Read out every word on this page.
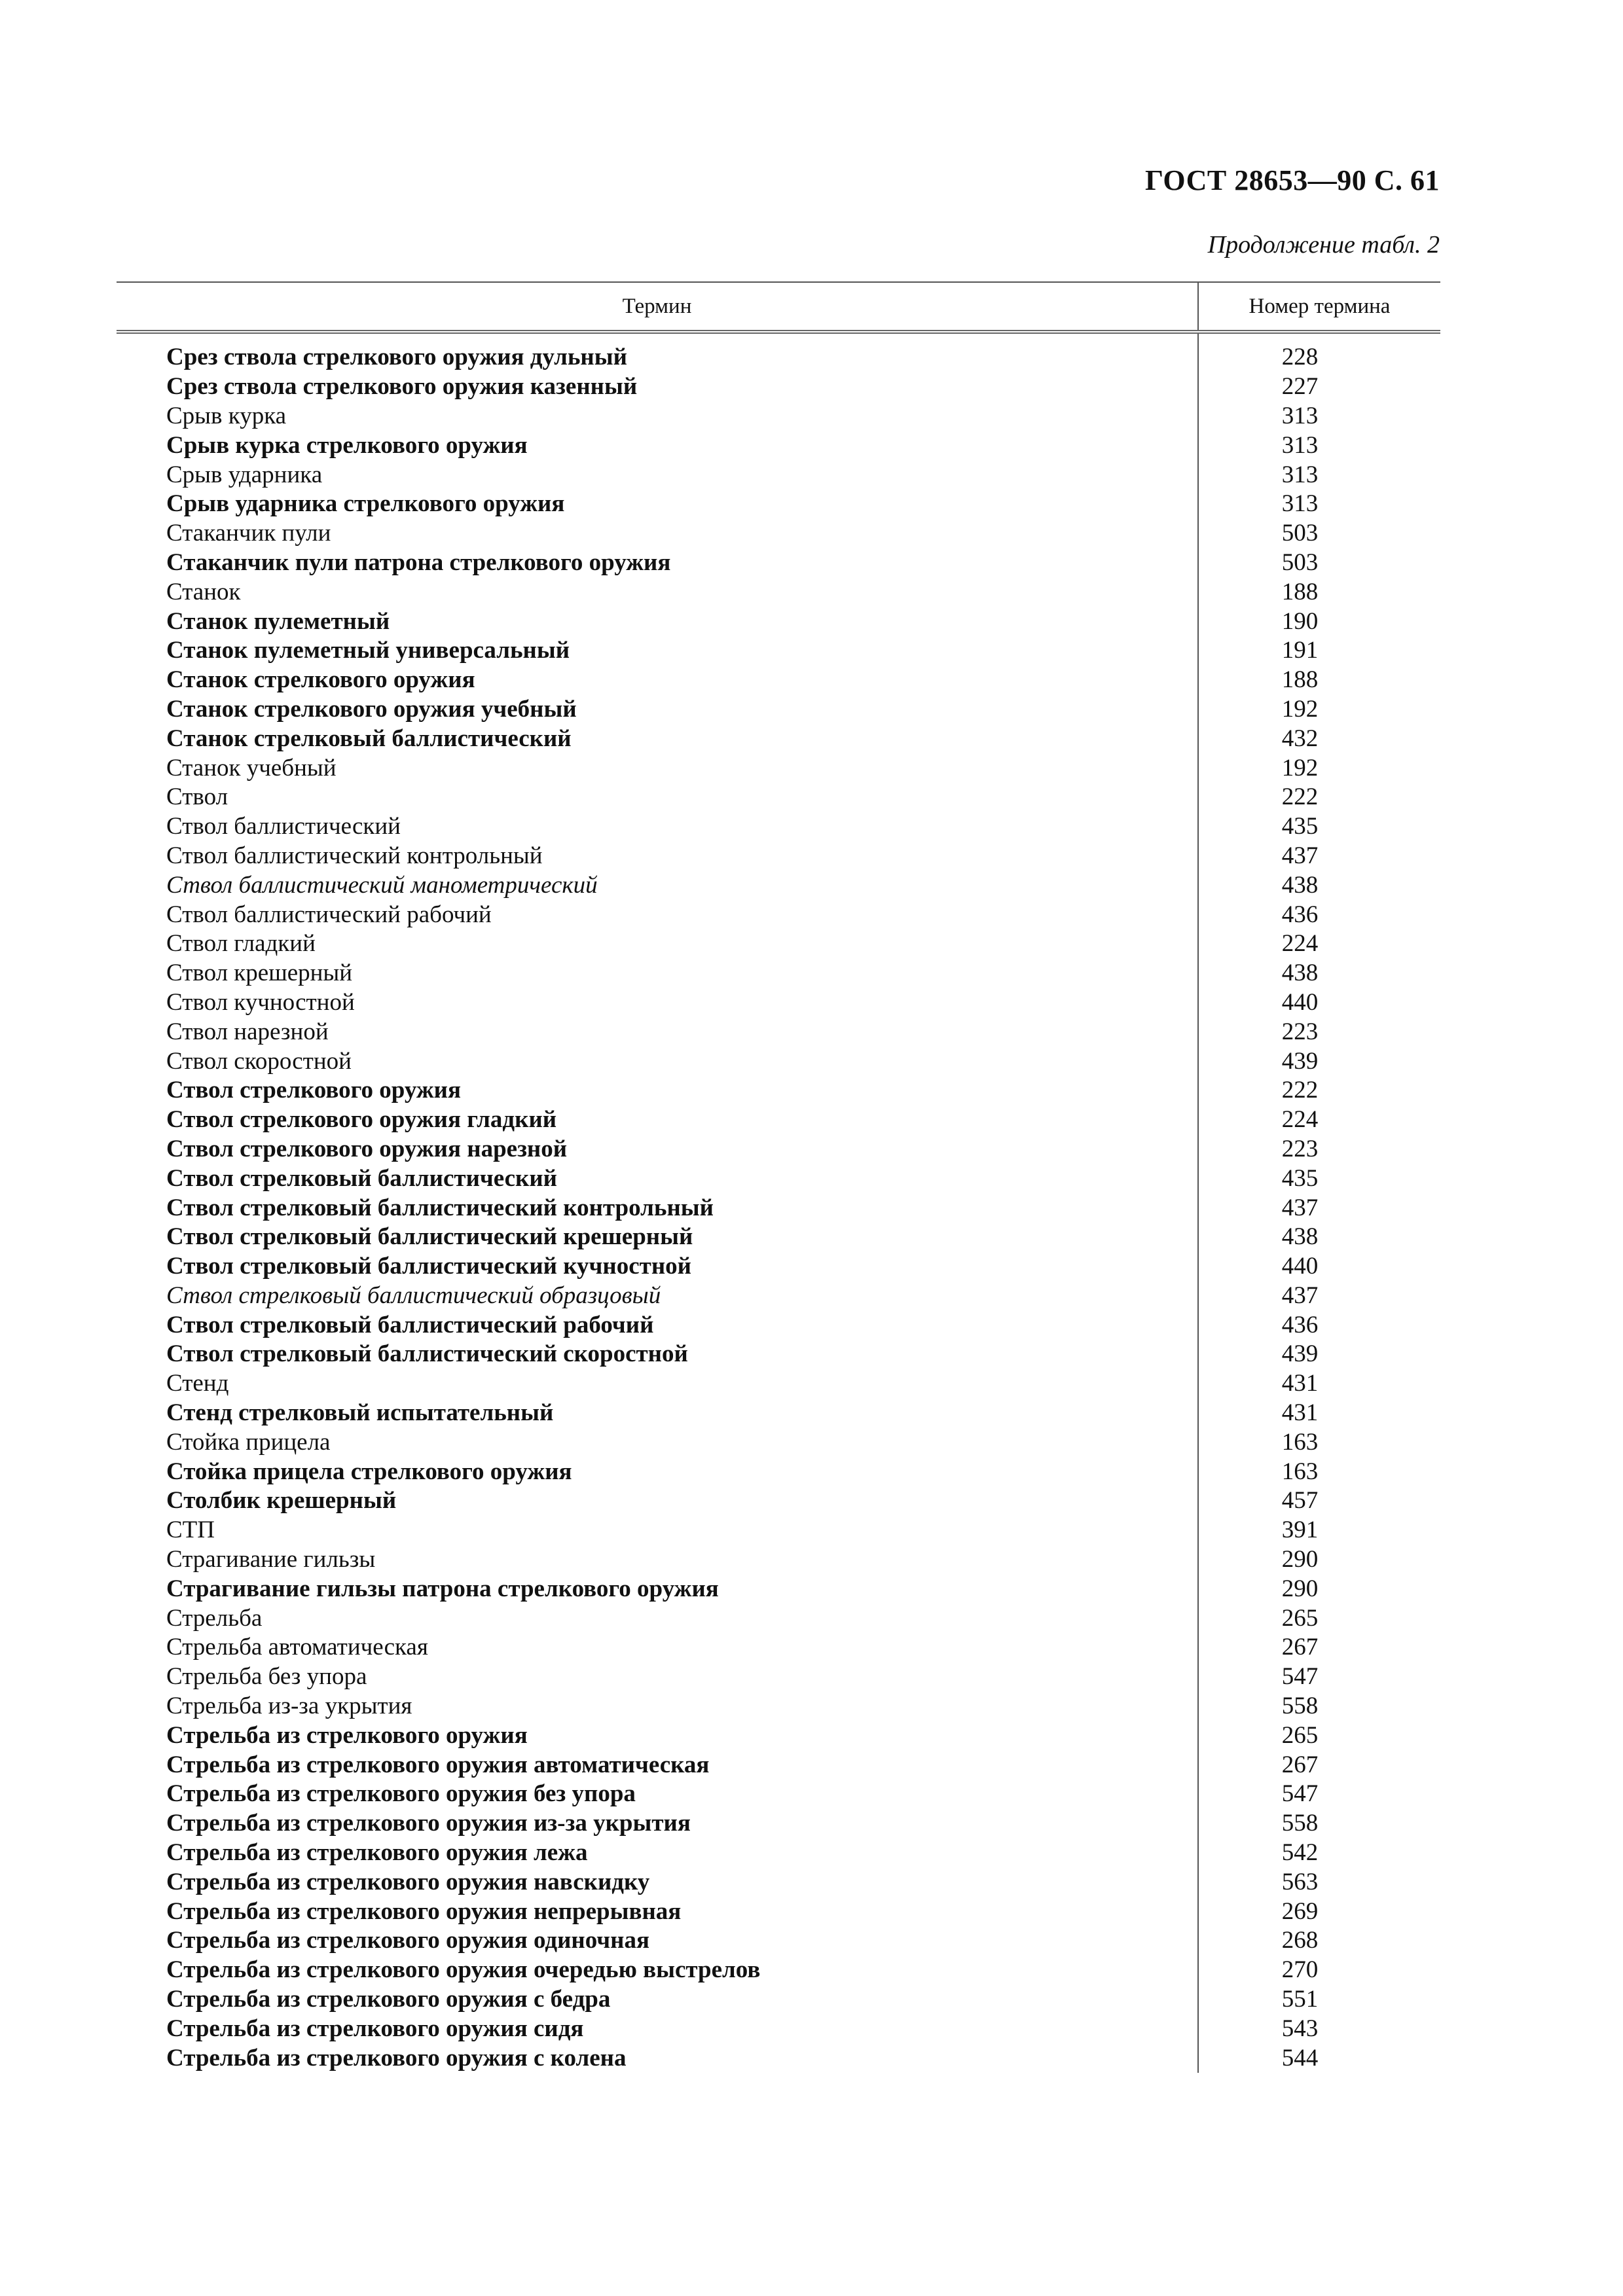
ГОСТ 28653—90 С. 61
Продолжение табл. 2
Термин	Номер термина
Срез ствола стрелкового оружия дульный	228
Срез ствола стрелкового оружия казенный	227
Срыв курка	313
Срыв курка стрелкового оружия	313
Срыв ударника	313
Срыв ударника стрелкового оружия	313
Стаканчик пули	503
Стаканчик пули патрона стрелкового оружия	503
Станок	188
Станок пулеметный	190
Станок пулеметный универсальный	191
Станок стрелкового оружия	188
Станок стрелкового оружия учебный	192
Станок стрелковый баллистический	432
Станок учебный	192
Ствол	222
Ствол баллистический	435
Ствол баллистический контрольный	437
Ствол баллистический манометрический	438
Ствол баллистический рабочий	436
Ствол гладкий	224
Ствол крешерный	438
Ствол кучностной	440
Ствол нарезной	223
Ствол скоростной	439
Ствол стрелкового оружия	222
Ствол стрелкового оружия гладкий	224
Ствол стрелкового оружия нарезной	223
Ствол стрелковый баллистический	435
Ствол стрелковый баллистический контрольный	437
Ствол стрелковый баллистический крешерный	438
Ствол стрелковый баллистический кучностной	440
Ствол стрелковый баллистический образцовый	437
Ствол стрелковый баллистический рабочий	436
Ствол стрелковый баллистический скоростной	439
Стенд	431
Стенд стрелковый испытательный	431
Стойка прицела	163
Стойка прицела стрелкового оружия	163
Столбик крешерный	457
СТП	391
Страгивание гильзы	290
Страгивание гильзы патрона стрелкового оружия	290
Стрельба	265
Стрельба автоматическая	267
Стрельба без упора	547
Стрельба из-за укрытия	558
Стрельба из стрелкового оружия	265
Стрельба из стрелкового оружия автоматическая	267
Стрельба из стрелкового оружия без упора	547
Стрельба из стрелкового оружия из-за укрытия	558
Стрельба из стрелкового оружия лежа	542
Стрельба из стрелкового оружия навскидку	563
Стрельба из стрелкового оружия непрерывная	269
Стрельба из стрелкового оружия одиночная	268
Стрельба из стрелкового оружия очередью выстрелов	270
Стрельба из стрелкового оружия с бедра	551
Стрельба из стрелкового оружия сидя	543
Стрельба из стрелкового оружия с колена	544
